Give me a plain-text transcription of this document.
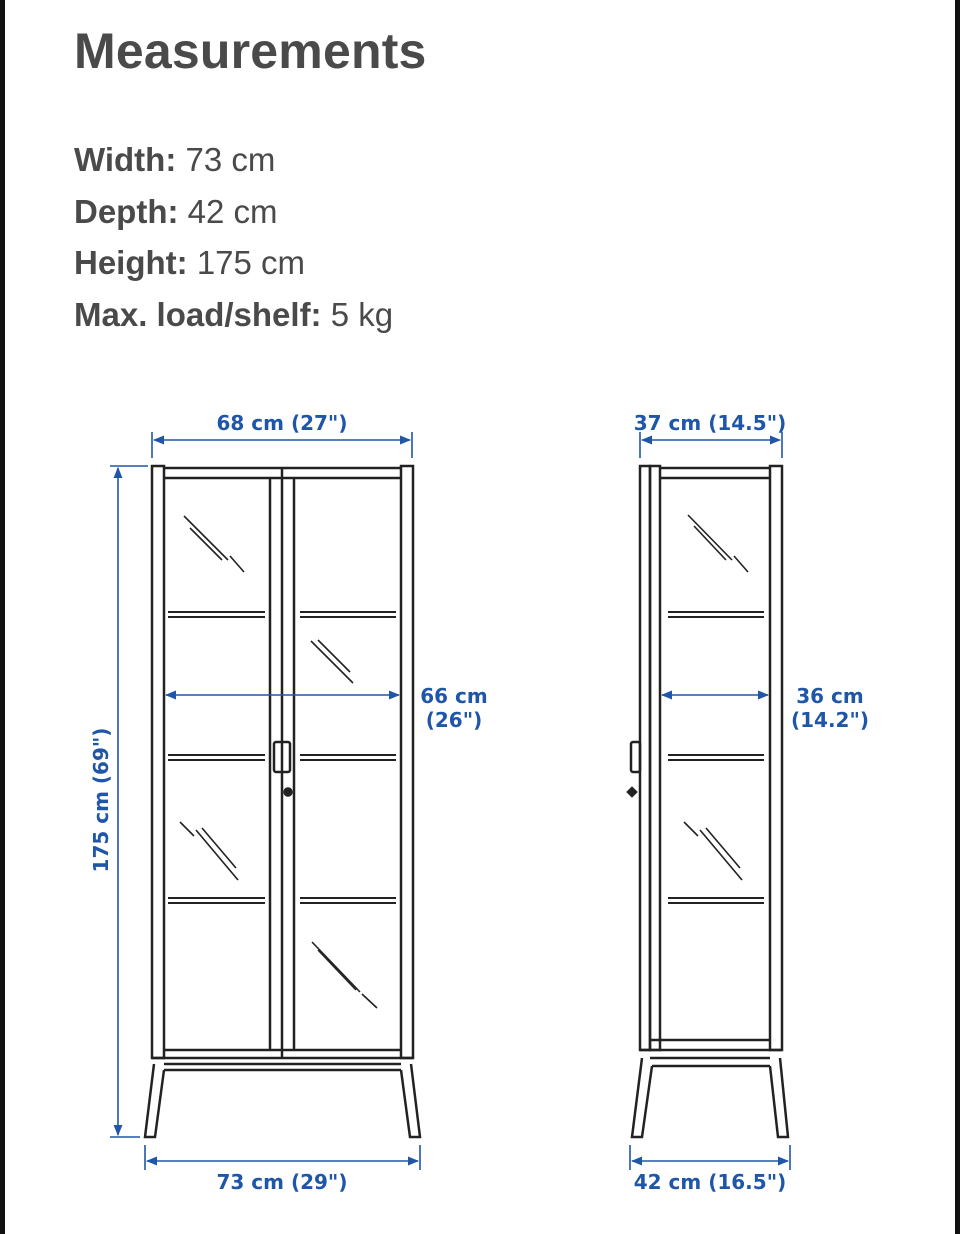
Measurements
Width: 73 cm
Depth: 42 cm
Height: 175 cm
Max. load/shelf: 5 kg
68 cm (27")
66 cm
(26")
175 cm (69")
73 cm (29")
37 cm (14.5")
36 cm
(14.2")
42 cm (16.5")
